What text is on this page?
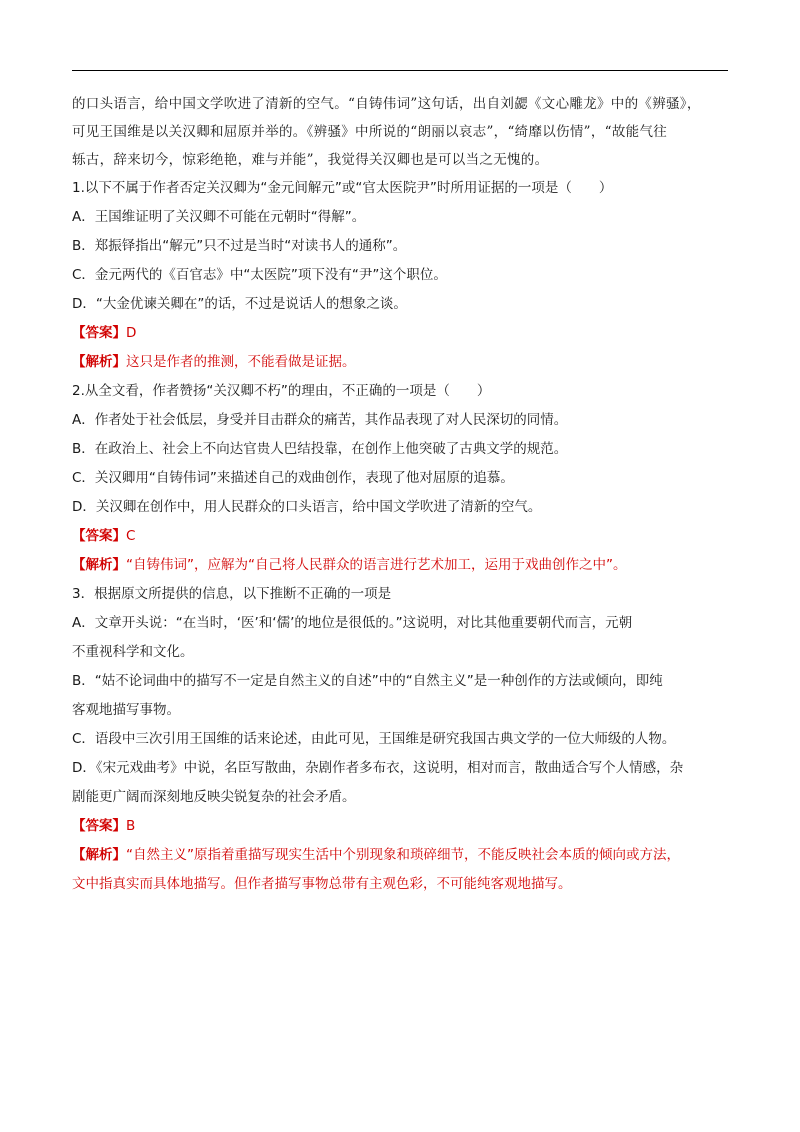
的口头语言，给中国文学吹进了清新的空气。“自铸伟词”这句话，出自刘勰《文心雕龙》中的《辨骚》，

可见王国维是以关汉卿和屈原并举的。《辨骚》中所说的“朗丽以哀志”，“绮靡以伤情”，“故能气往

轹古，辞来切今，惊彩绝艳，难与并能”，我觉得关汉卿也是可以当之无愧的。

1.以下不属于作者否定关汉卿为“金元间解元”或“官太医院尹”时所用证据的一项是（　　）

A．王国维证明了关汉卿不可能在元朝时“得解”。

B．郑振铎指出“解元”只不过是当时“对读书人的通称”。

C．金元两代的《百官志》中“太医院”项下没有“尹”这个职位。

D．“大金优谏关卿在”的话，不过是说话人的想象之谈。

【答案】D

【解析】这只是作者的推测，不能看做是证据。

2.从全文看，作者赞扬“关汉卿不朽”的理由，不正确的一项是（　　）

A．作者处于社会低层，身受并目击群众的痛苦，其作品表现了对人民深切的同情。

B．在政治上、社会上不向达官贵人巴结投靠，在创作上他突破了古典文学的规范。

C．关汉卿用“自铸伟词”来描述自己的戏曲创作，表现了他对屈原的追慕。

D．关汉卿在创作中，用人民群众的口头语言，给中国文学吹进了清新的空气。

【答案】C

【解析】“自铸伟词”，应解为“自己将人民群众的语言进行艺术加工，运用于戏曲创作之中”。

3．根据原文所提供的信息，以下推断不正确的一项是

A．文章开头说：“在当时，‘医’和‘儒’的地位是很低的。”这说明，对比其他重要朝代而言，元朝

不重视科学和文化。

B．“姑不论词曲中的描写不一定是自然主义的自述”中的“自然主义”是一种创作的方法或倾向，即纯

客观地描写事物。

C．语段中三次引用王国维的话来论述，由此可见，王国维是研究我国古典文学的一位大师级的人物。

D．《宋元戏曲考》中说，名臣写散曲，杂剧作者多布衣，这说明，相对而言，散曲适合写个人情感，杂

剧能更广阔而深刻地反映尖锐复杂的社会矛盾。

【答案】B

【解析】“自然主义”原指着重描写现实生活中个别现象和琐碎细节，不能反映社会本质的倾向或方法，

文中指真实而具体地描写。但作者描写事物总带有主观色彩，不可能纯客观地描写。
